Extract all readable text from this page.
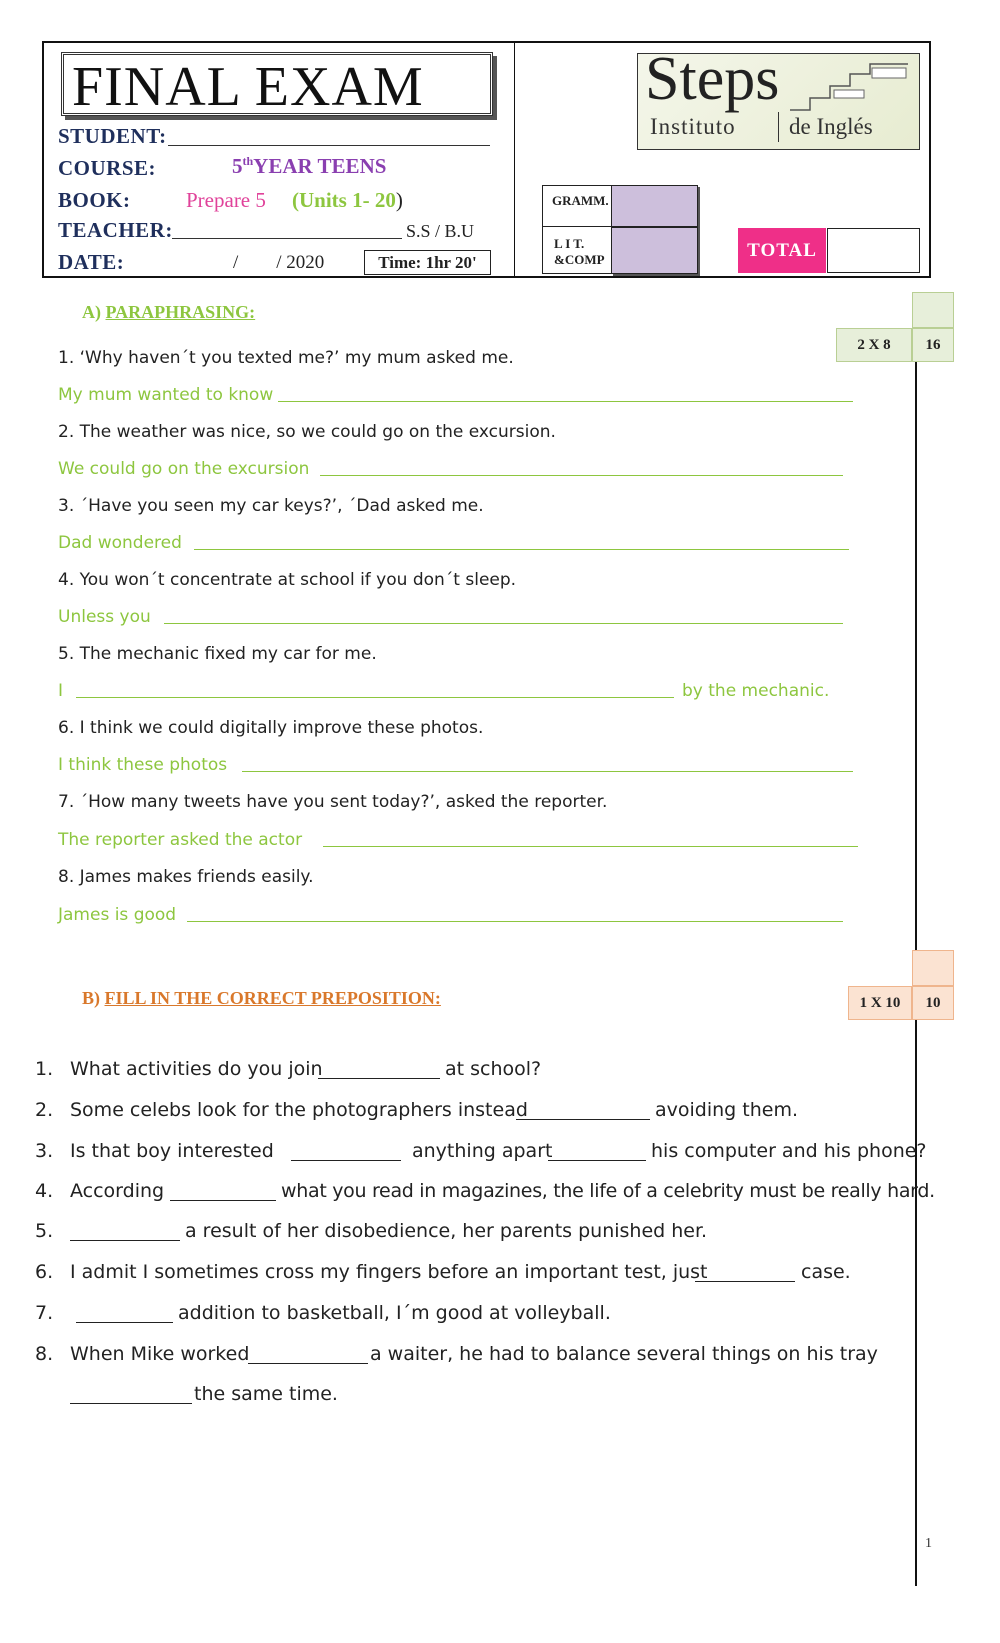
FINAL EXAM
STUDENT:
COURSE:	5thYEAR TEENS
BOOK:	Prepare 5 (Units 1- 20)
TEACHER:	S.S / B.U
DATE:	/        / 2020	Time: 1hr 20'
Steps
Instituto de Inglés
GRAMM.
L I T.
&COMP	TOTAL
A) PARAPHRASING:
2 X 8	16
1. ‘Why haven´t you texted me?’ my mum asked me.
My mum wanted to know
2. The weather was nice, so we could go on the excursion.
We could go on the excursion
3. ´Have you seen my car keys?’, ´Dad asked me.
Dad wondered
4. You won´t concentrate at school if you don´t sleep.
Unless you
5. The mechanic fixed my car for me.
I	by the mechanic.
6. I think we could digitally improve these photos.
I think these photos
7. ´How many tweets have you sent today?’, asked the reporter.
The reporter asked the actor
8. James makes friends easily.
James is good
B) FILL IN THE CORRECT PREPOSITION:	1 X 10	10
1. What activities do you join	at school?
2. Some celebs look for the photographers instead	avoiding them.
3. Is that boy interested	anything apart	his computer and his phone?
4. According	what you read in magazines, the life of a celebrity must be really hard.
5.	a result of her disobedience, her parents punished her.
6. I admit I sometimes cross my fingers before an important test, just	case.
7.	addition to basketball, I´m good at volleyball.
8. When Mike worked	a waiter, he had to balance several things on his tray
the same time.
1
